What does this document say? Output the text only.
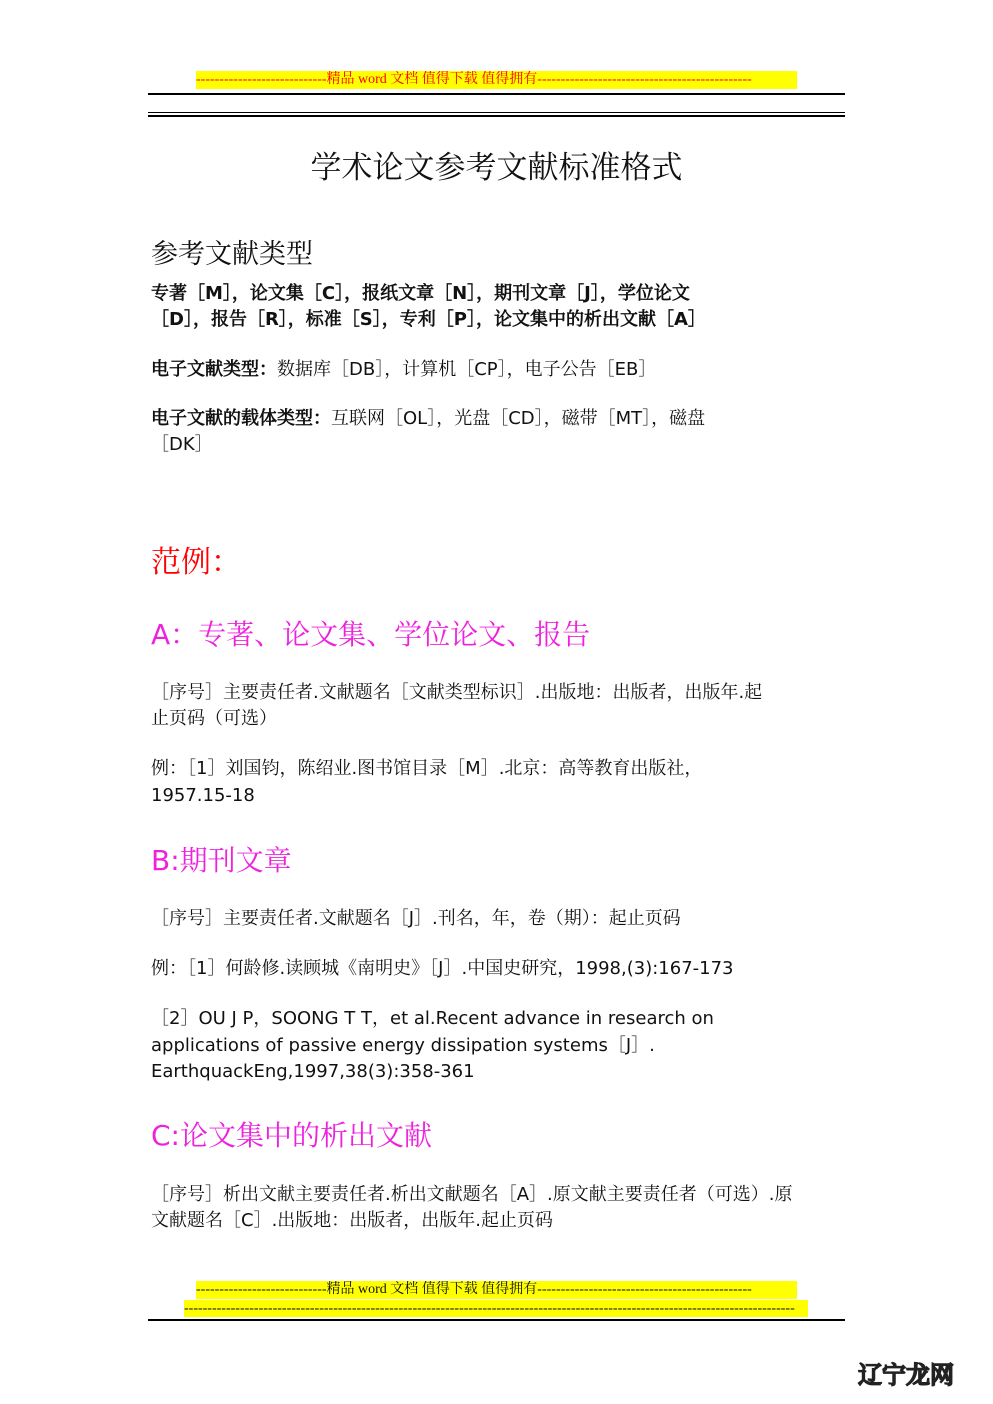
----------------------------精品 word 文档 值得下载 值得拥有----------------------------------------------
学术论文参考文献标准格式
参考文献类型
专著［M］，论文集［C］，报纸文章［N］，期刊文章［J］，学位论文
［D］，报告［R］，标准［S］，专利［P］，论文集中的析出文献［A］
电子文献类型：数据库［DB］，计算机［CP］，电子公告［EB］
电子文献的载体类型：互联网［OL］，光盘［CD］，磁带［MT］，磁盘
［DK］
范例：
A：专著、论文集、学位论文、报告
［序号］主要责任者.文献题名［文献类型标识］.出版地：出版者，出版年.起
止页码（可选）
例：［1］刘国钧，陈绍业.图书馆目录［M］.北京：高等教育出版社，
1957.15-18
B:期刊文章
［序号］主要责任者.文献题名［J］.刊名，年，卷（期）：起止页码
例：［1］何龄修.读顾城《南明史》［J］.中国史研究，1998,(3):167-173
［2］OU J P，SOONG T T，et al.Recent advance in research on
applications of passive energy dissipation systems［J］.
EarthquackEng,1997,38(3):358-361
C:论文集中的析出文献
［序号］析出文献主要责任者.析出文献题名［A］.原文献主要责任者（可选）.原
文献题名［C］.出版地：出版者，出版年.起止页码
----------------------------精品 word 文档 值得下载 值得拥有----------------------------------------------
-----------------------------------------------------------------------------------------------------------------------------------
辽宁龙网
